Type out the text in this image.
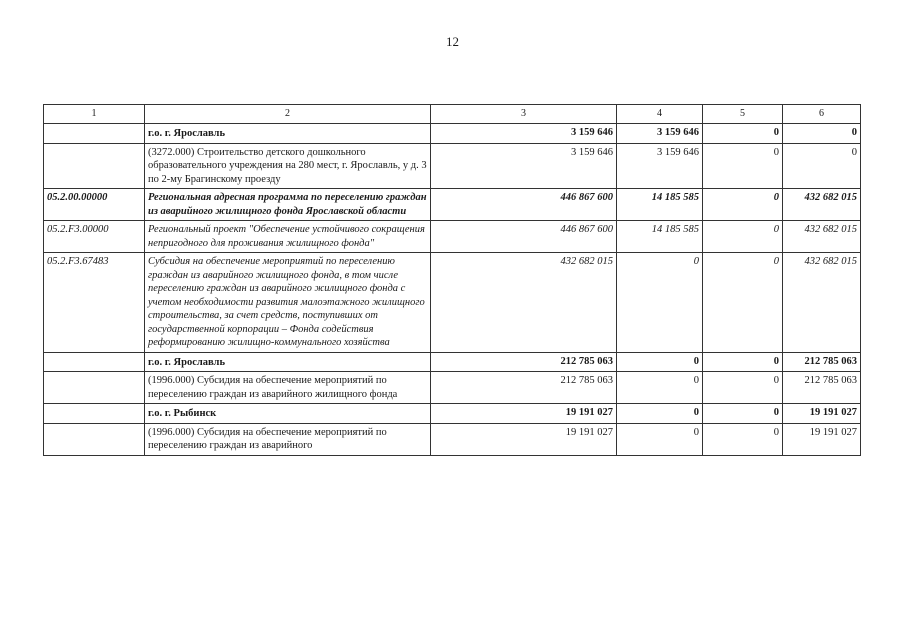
12
1	2	3	4	5	6
	г.о. г. Ярославль	3 159 646	3 159 646	0	0
	(3272.000) Строительство детского дошкольного образовательного учреждения на 280 мест, г. Ярославль, у д. 3 по 2-му Брагинскому проезду	3 159 646	3 159 646	0	0
05.2.00.00000	Региональная адресная программа по переселению граждан из аварийного жилищного фонда Ярославской области	446 867 600	14 185 585	0	432 682 015
05.2.F3.00000	Региональный проект "Обеспечение устойчивого сокращения непригодного для проживания жилищного фонда"	446 867 600	14 185 585	0	432 682 015
05.2.F3.67483	Субсидия на обеспечение мероприятий по переселению граждан из аварийного жилищного фонда, в том числе переселению граждан из аварийного жилищного фонда с учетом необходимости развития малоэтажного жилищного строительства, за счет средств, поступивших от государственной корпорации – Фонда содействия реформированию жилищно-коммунального хозяйства	432 682 015	0	0	432 682 015
	г.о. г. Ярославль	212 785 063	0	0	212 785 063
	(1996.000) Субсидия на обеспечение мероприятий по переселению граждан из аварийного жилищного фонда	212 785 063	0	0	212 785 063
	г.о. г. Рыбинск	19 191 027	0	0	19 191 027
	(1996.000) Субсидия на обеспечение мероприятий по переселению граждан из аварийного	19 191 027	0	0	19 191 027
